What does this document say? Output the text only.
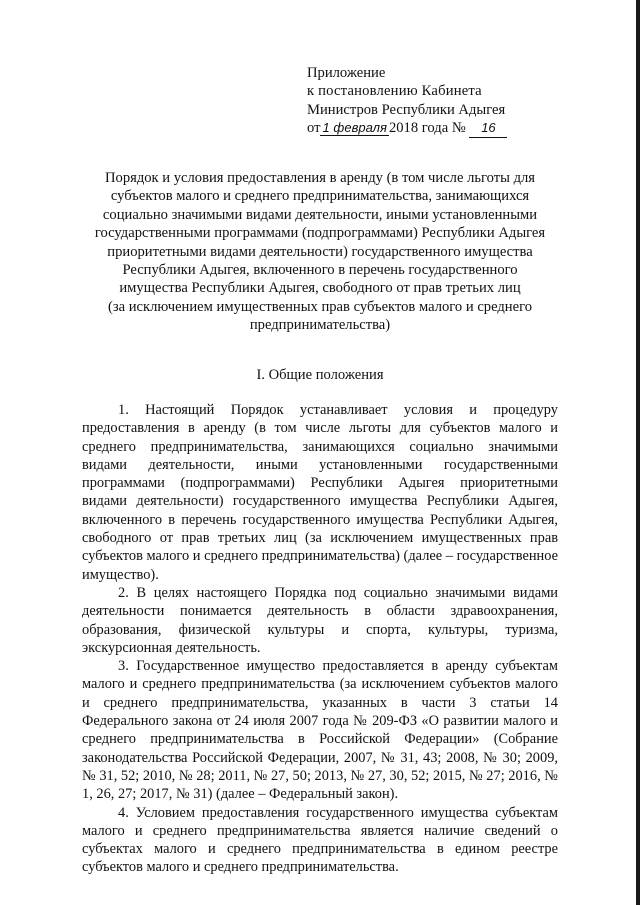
Приложение
к постановлению Кабинета
Министров Республики Адыгея
от 1 февраля 2018 года № 16
Порядок и условия предоставления в аренду (в том числе льготы для
субъектов малого и среднего предпринимательства, занимающихся
социально значимыми видами деятельности, иными установленными
государственными программами (подпрограммами) Республики Адыгея
приоритетными видами деятельности) государственного имущества
Республики Адыгея, включенного в перечень государственного
имущества Республики Адыгея, свободного от прав третьих лиц
(за исключением имущественных прав субъектов малого и среднего
предпринимательства)
I. Общие положения

1. Настоящий Порядок устанавливает условия и процедуру предоставления в аренду (в том числе льготы для субъектов малого и среднего предпринимательства, занимающихся социально значимыми видами деятельности, иными установленными государственными программами (подпрограммами) Республики Адыгея приоритетными видами деятельности) государственного имущества Республики Адыгея, включенного в перечень государственного имущества Республики Адыгея, свободного от прав третьих лиц (за исключением имущественных прав субъектов малого и среднего предпринимательства) (далее – государственное имущество).

2. В целях настоящего Порядка под социально значимыми видами деятельности понимается деятельность в области здравоохранения, образования, физической культуры и спорта, культуры, туризма, экскурсионная деятельность.

3. Государственное имущество предоставляется в аренду субъектам малого и среднего предпринимательства (за исключением субъектов малого и среднего предпринимательства, указанных в части 3 статьи 14 Федерального закона от 24 июля 2007 года № 209-ФЗ «О развитии малого и среднего предпринимательства в Российской Федерации» (Собрание законодательства Российской Федерации, 2007, № 31, 43; 2008, № 30; 2009, № 31, 52; 2010, № 28; 2011, № 27, 50; 2013, № 27, 30, 52; 2015, № 27; 2016, № 1, 26, 27; 2017, № 31) (далее – Федеральный закон).

4. Условием предоставления государственного имущества субъектам малого и среднего предпринимательства является наличие сведений о субъектах малого и среднего предпринимательства в едином реестре субъектов малого и среднего предпринимательства.
